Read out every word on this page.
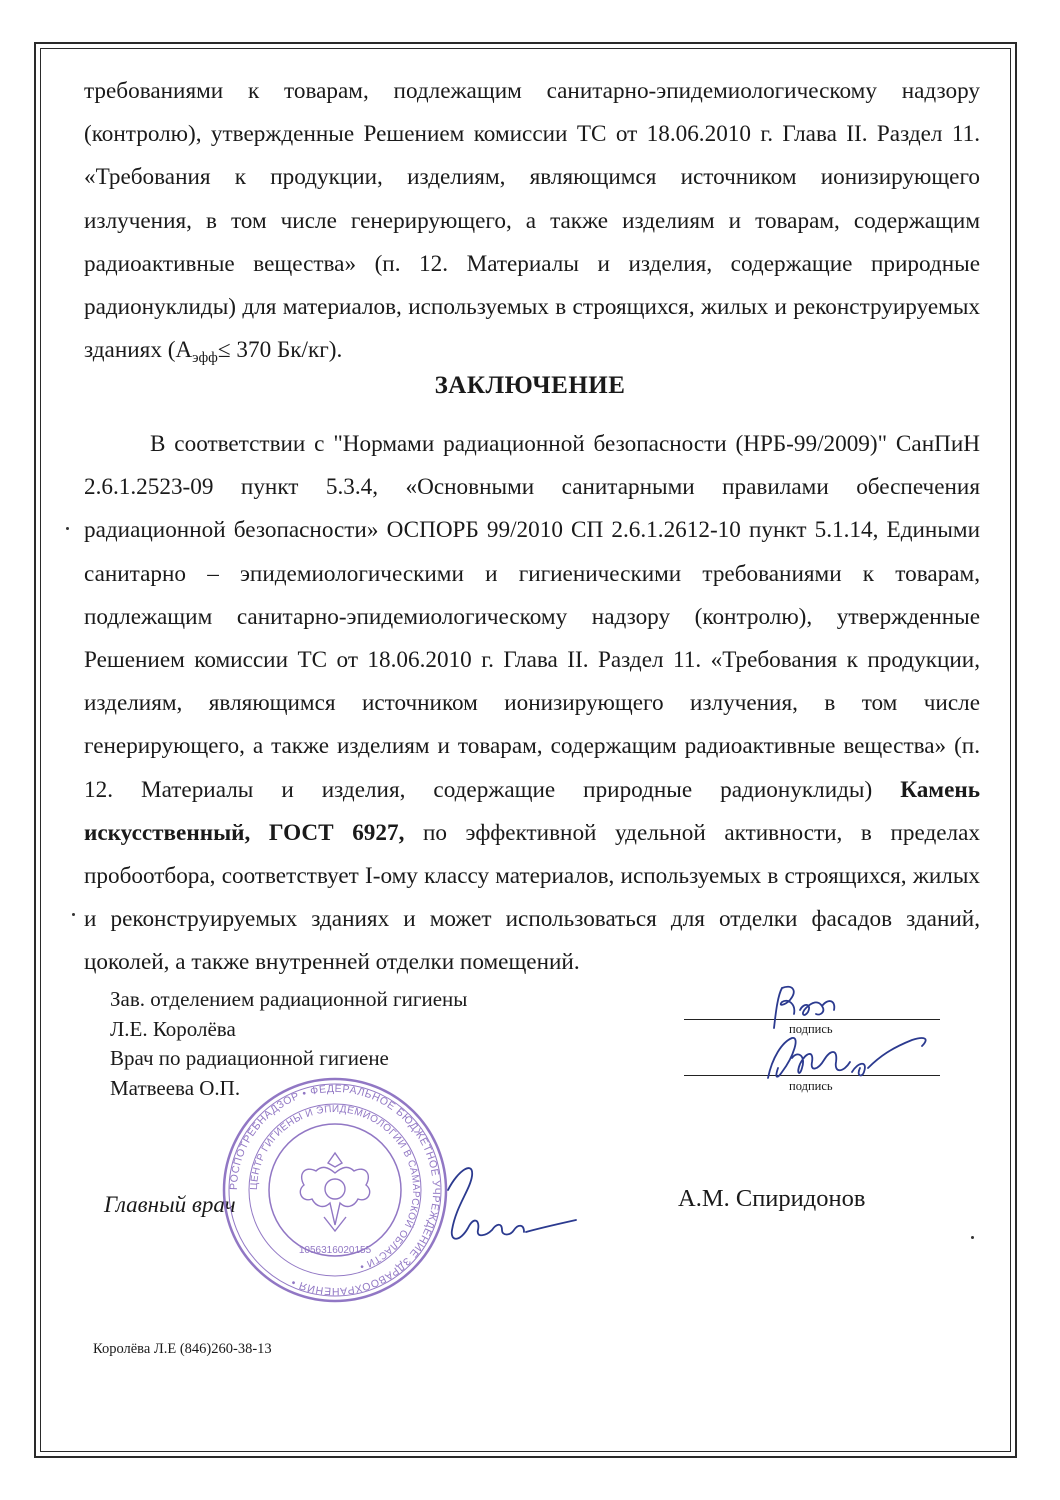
требованиями к товарам, подлежащим санитарно-эпидемиологическому надзору (контролю), утвержденные Решением комиссии ТС от 18.06.2010 г. Глава II. Раздел 11. «Требования к продукции, изделиям, являющимся источником ионизирующего излучения, в том числе генерирующего, а также изделиям и товарам, содержащим радиоактивные вещества» (п. 12. Материалы и изделия, содержащие природные радионуклиды) для материалов, используемых в строящихся, жилых и реконструируемых зданиях ($А_{эфф}\le 370$ Бк/кг).

ЗАКЛЮЧЕНИЕ

В соответствии с "Нормами радиационной безопасности (НРБ-99/2009)" СанПиН 2.6.1.2523-09 пункт 5.3.4, «Основными санитарными правилами обеспечения радиационной безопасности» ОСПОРБ 99/2010 СП 2.6.1.2612-10 пункт 5.1.14, Едиными санитарно – эпидемиологическими и гигиеническими требованиями к товарам, подлежащим санитарно-эпидемиологическому надзору (контролю), утвержденные Решением комиссии ТС от 18.06.2010 г. Глава II. Раздел 11. «Требования к продукции, изделиям, являющимся источником ионизирующего излучения, в том числе генерирующего, а также изделиям и товарам, содержащим радиоактивные вещества» (п. 12. Материалы и изделия, содержащие природные радионуклиды) Камень искусственный, ГОСТ 6927, по эффективной удельной активности, в пределах пробоотбора, соответствует I-ому классу материалов, используемых в строящихся, жилых и реконструируемых зданиях и может использоваться для отделки фасадов зданий, цоколей, а также внутренней отделки помещений.

Зав. отделением радиационной гигиены
Л.Е. Королёва
Врач по радиационной гигиене
Матвеева О.П.
подпись
подпись
Главный врач
РОСПОТРЕБНАДЗОР • ФЕДЕРАЛЬНОЕ БЮДЖЕТНОЕ УЧРЕЖДЕНИЕ ЗДРАВООХРАНЕНИЯ •
ЦЕНТР ГИГИЕНЫ И ЭПИДЕМИОЛОГИИ В САМАРСКОЙ ОБЛАСТИ •
1056316020155
А.М. Спиридонов
Королёва Л.Е (846)260-38-13
